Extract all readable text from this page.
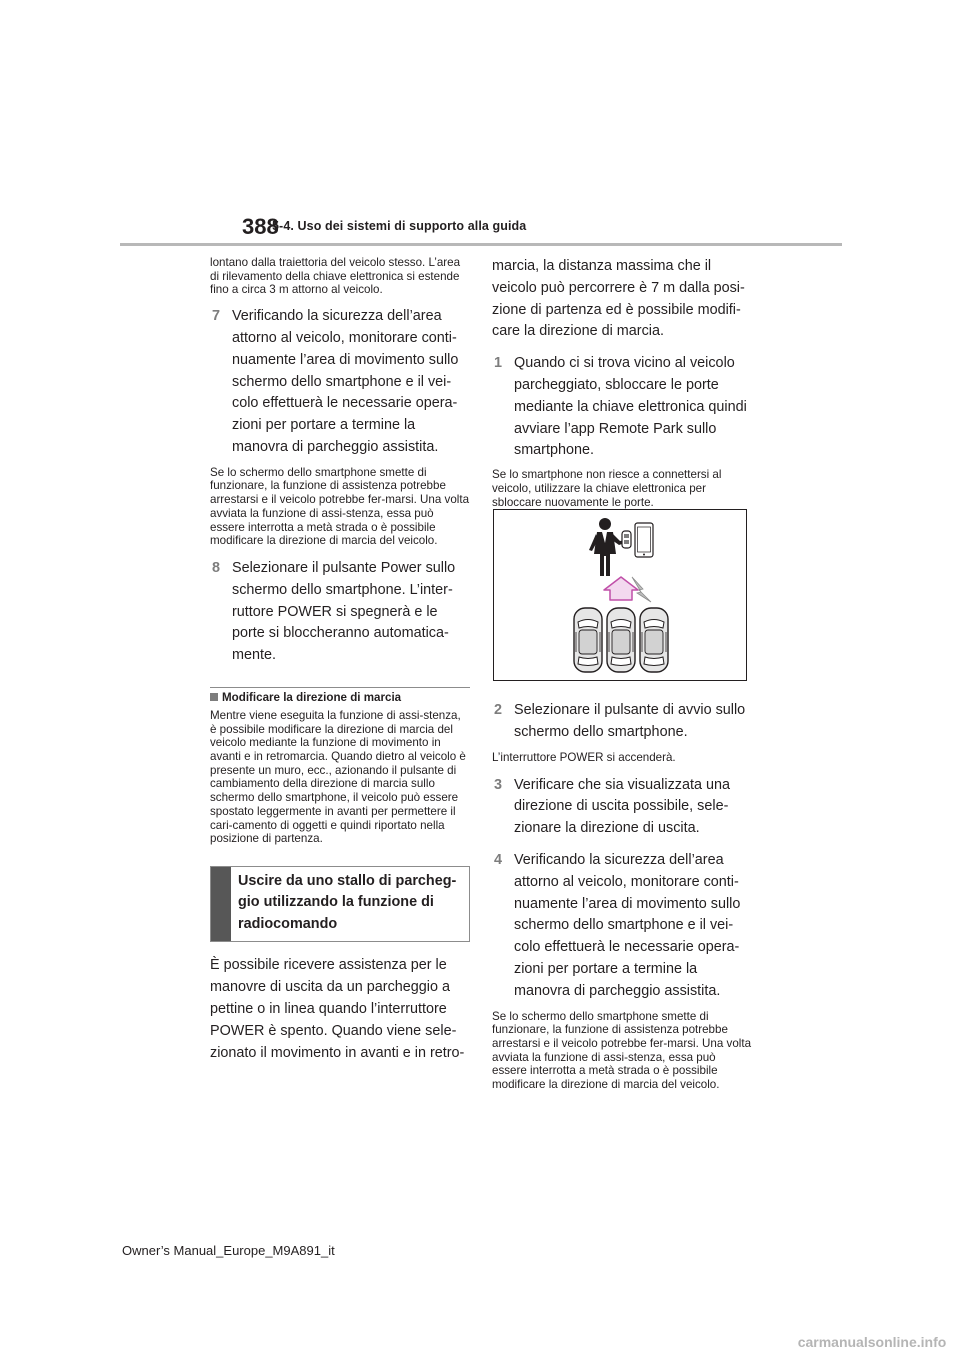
388
5-4. Uso dei sistemi di supporto alla guida

lontano dalla traiettoria del veicolo stesso. L’area di rilevamento della chiave elettronica si estende fino a circa 3 m attorno al veicolo.

7 Verificando la sicurezza dell’area attorno al veicolo, monitorare conti-nuamente l’area di movimento sullo schermo dello smartphone e il vei-colo effettuerà le necessarie opera-zioni per portare a termine la manovra di parcheggio assistita.

Se lo schermo dello smartphone smette di funzionare, la funzione di assistenza potrebbe arrestarsi e il veicolo potrebbe fer-marsi. Una volta avviata la funzione di assi-stenza, essa può essere interrotta a metà strada o è possibile modificare la direzione di marcia del veicolo.

8 Selezionare il pulsante Power sullo schermo dello smartphone. L’inter-ruttore POWER si spegnerà e le porte si bloccheranno automatica-mente.
Modificare la direzione di marcia

Mentre viene eseguita la funzione di assi-stenza, è possibile modificare la direzione di marcia del veicolo mediante la funzione di movimento in avanti e in retromarcia. Quando dietro al veicolo è presente un muro, ecc., azionando il pulsante di cambiamento della direzione di marcia sullo schermo dello smartphone, il veicolo può essere spostato leggermente in avanti per permettere il cari-camento di oggetti e quindi riportato nella posizione di partenza.

Uscire da uno stallo di parcheg-gio utilizzando la funzione di radiocomando

È possibile ricevere assistenza per le manovre di uscita da un parcheggio a pettine o in linea quando l’interruttore POWER è spento. Quando viene sele-zionato il movimento in avanti e in retro-

marcia, la distanza massima che il veicolo può percorrere è 7 m dalla posi-zione di partenza ed è possibile modifi-care la direzione di marcia.

1 Quando ci si trova vicino al veicolo parcheggiato, sbloccare le porte mediante la chiave elettronica quindi avviare l’app Remote Park sullo smartphone.

Se lo smartphone non riesce a connettersi al veicolo, utilizzare la chiave elettronica per sbloccare nuovamente le porte.

2 Selezionare il pulsante di avvio sullo schermo dello smartphone.

L’interruttore POWER si accenderà.

3 Verificare che sia visualizzata una direzione di uscita possibile, sele-zionare la direzione di uscita.
4 Verificando la sicurezza dell’area attorno al veicolo, monitorare conti-nuamente l’area di movimento sullo schermo dello smartphone e il vei-colo effettuerà le necessarie opera-zioni per portare a termine la manovra di parcheggio assistita.

Se lo schermo dello smartphone smette di funzionare, la funzione di assistenza potrebbe arrestarsi e il veicolo potrebbe fer-marsi. Una volta avviata la funzione di assi-stenza, essa può essere interrotta a metà strada o è possibile modificare la direzione di marcia del veicolo.

Owner’s Manual_Europe_M9A891_it
carmanualsonline.info
